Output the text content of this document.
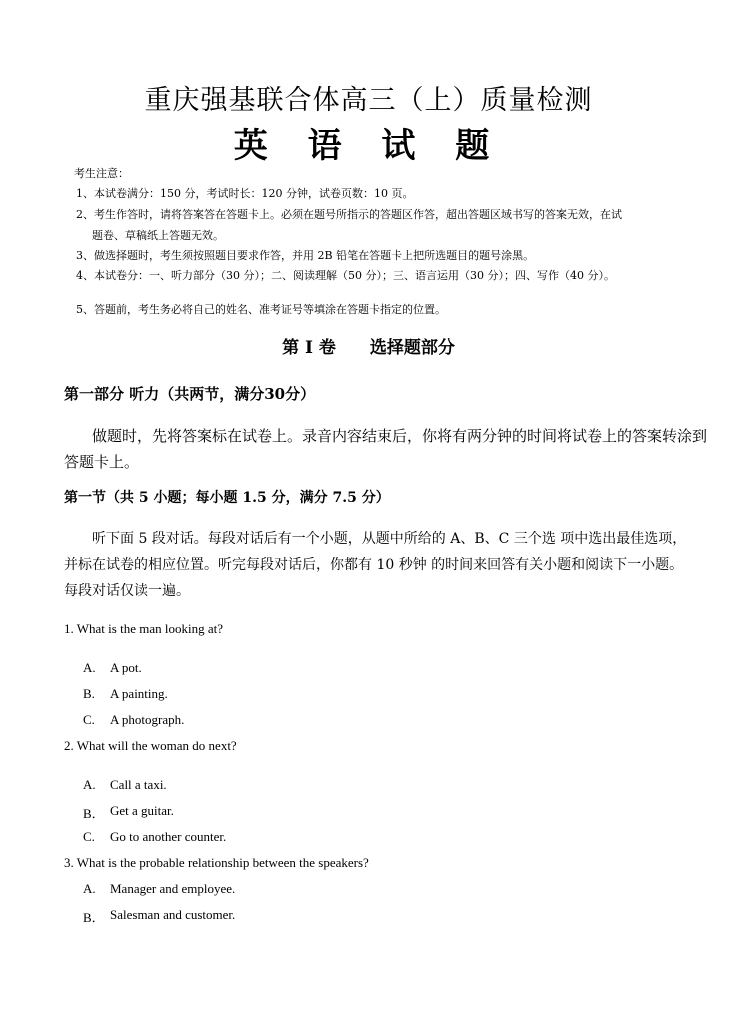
重庆强基联合体高三（上）质量检测
英 语 试 题
考生注意：
1、本试卷满分：150 分，考试时长：120 分钟，试卷页数：10 页。
2、考生作答时，请将答案答在答题卡上。必须在题号所指示的答题区作答，超出答题区域书写的答案无效，在试
题卷、草稿纸上答题无效。
3、做选择题时，考生须按照题目要求作答，并用 2B 铅笔在答题卡上把所选题目的题号涂黑。
4、本试卷分：一、听力部分（30 分）；二、阅读理解（50 分）；三、语言运用（30 分）；四、写作（40 分）。
5、答题前，考生务必将自己的姓名、准考证号等填涂在答题卡指定的位置。
第 I 卷　　选择题部分
第一部分 听力（共两节，满分30分）
做题时，先将答案标在试卷上。录音内容结束后，你将有两分钟的时间将试卷上的答案转涂到
答题卡上。
第一节（共 5 小题；每小题 1.5 分，满分 7.5 分）
听下面 5 段对话。每段对话后有一个小题，从题中所给的 A、B、C 三个选 项中选出最佳选项，
并标在试卷的相应位置。听完每段对话后，你都有 10 秒钟 的时间来回答有关小题和阅读下一小题。
每段对话仅读一遍。
1. What is the man looking at?
A. A pot.
B. A painting.
C. A photograph.
2. What will the woman do next?
A. Call a taxi.
B． Get a guitar.
C. Go to another counter.
3. What is the probable relationship between the speakers?
A. Manager and employee.
B． Salesman and customer.
